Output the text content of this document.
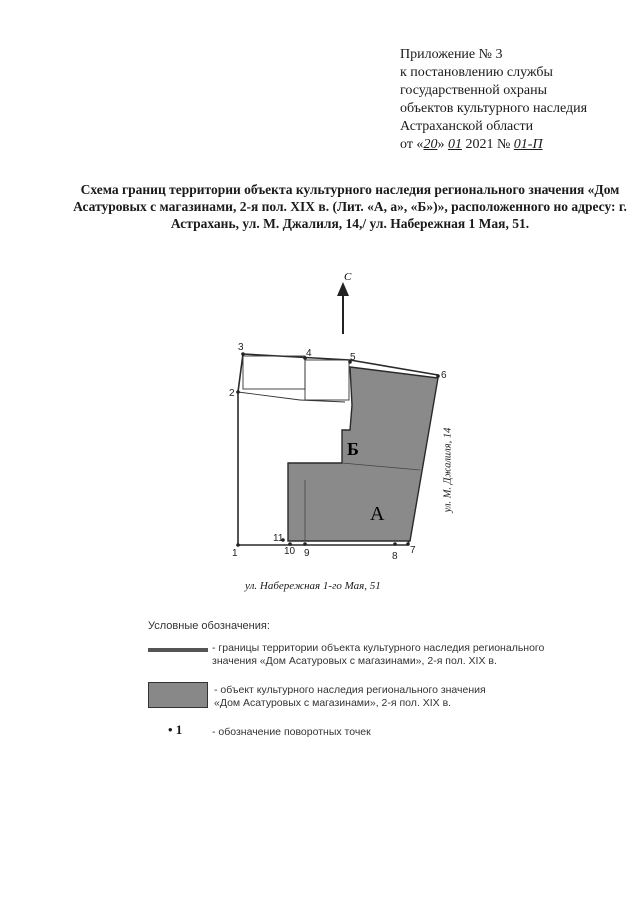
Приложение № 3
к постановлению службы
государственной охраны
объектов культурного наследия
Астраханской области
от «20» 01 2021 № 01-П
Схема границ территории объекта культурного наследия регионального значения «Дом Асатуровых с магазинами, 2-я пол. XIX в. (Лит. «А, а», «Б»)», расположенного но адресу: г. Астрахань, ул. М. Джалиля, 14,/ ул. Набережная 1 Мая, 51.
С
Б
А
1
2
3
4	5
6
7
8
9
10
11
ул. Набережная 1-го Мая, 51
ул. М. Джалиля, 14
Условные обозначения:
- границы территории объекта культурного наследия регионального
значения «Дом Асатуровых с магазинами», 2-я пол. XIX в.
- объект культурного наследия регионального значения
«Дом Асатуровых с магазинами», 2-я пол. XIX в.
• 1	- обозначение поворотных точек
